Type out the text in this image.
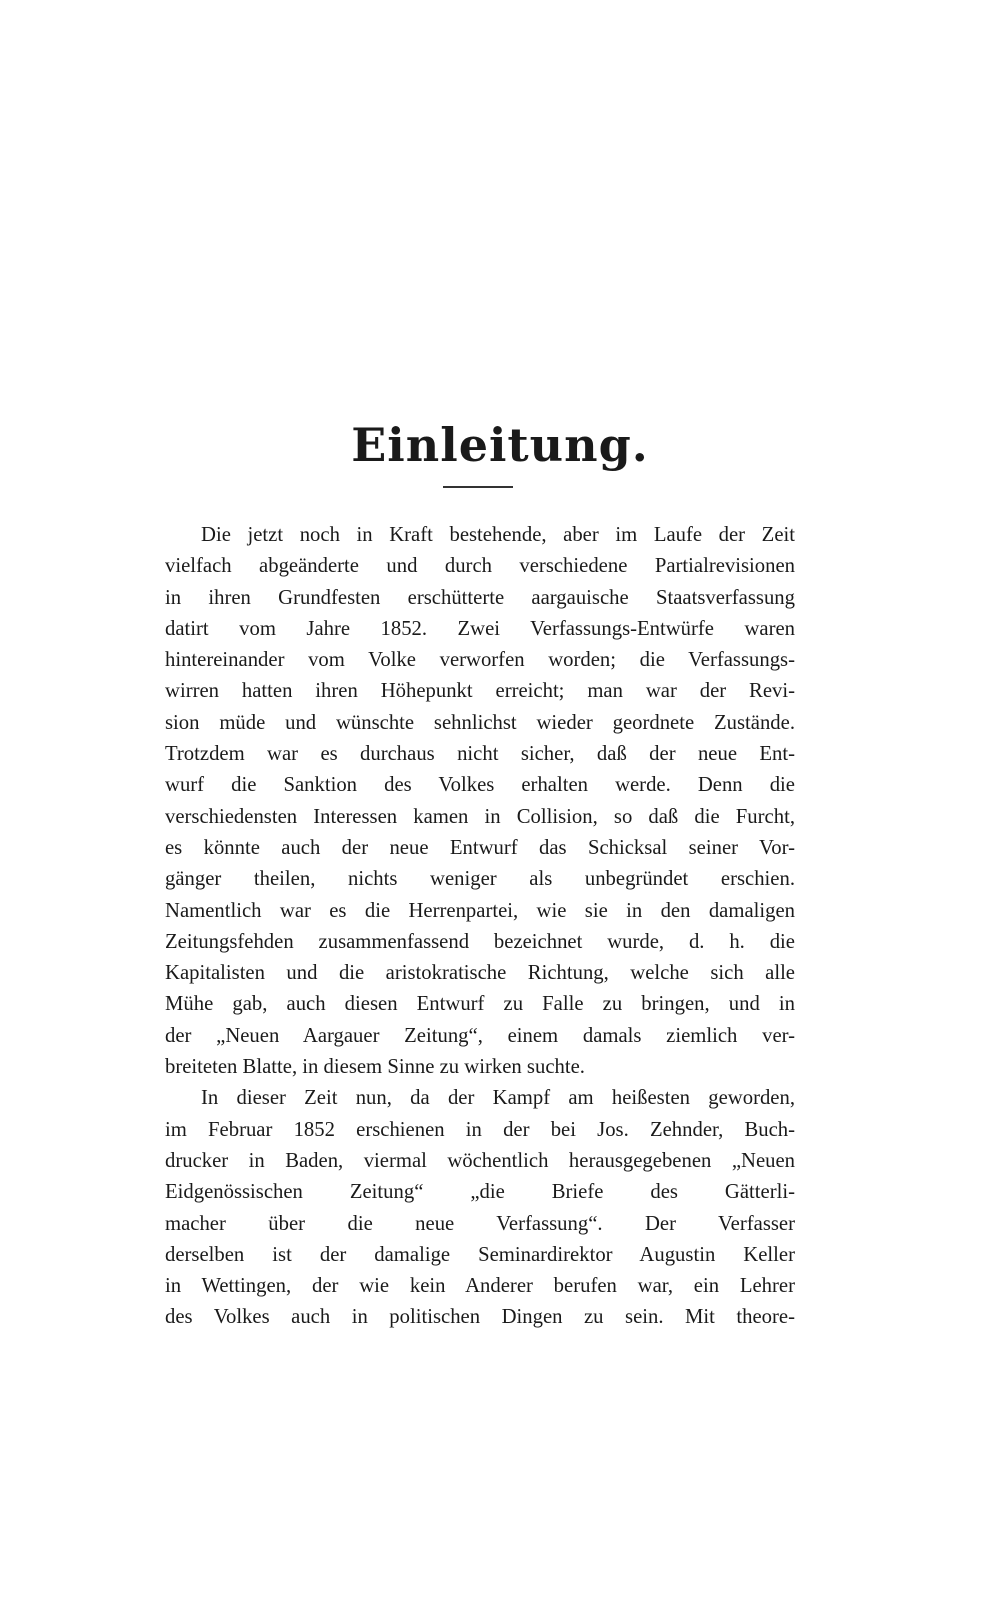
Einleitung.
Die jetzt noch in Kraft bestehende, aber im Laufe der Zeit
vielfach abgeänderte und durch verschiedene Partialrevisionen
in ihren Grundfesten erschütterte aargauische Staatsverfassung
datirt vom Jahre 1852. Zwei Verfassungs-Entwürfe waren
hintereinander vom Volke verworfen worden; die Verfassungs-
wirren hatten ihren Höhepunkt erreicht; man war der Revi-
sion müde und wünschte sehnlichst wieder geordnete Zustände.
Trotzdem war es durchaus nicht sicher, daß der neue Ent-
wurf die Sanktion des Volkes erhalten werde. Denn die
verschiedensten Interessen kamen in Collision, so daß die Furcht,
es könnte auch der neue Entwurf das Schicksal seiner Vor-
gänger theilen, nichts weniger als unbegründet erschien.
Namentlich war es die Herrenpartei, wie sie in den damaligen
Zeitungsfehden zusammenfassend bezeichnet wurde, d. h. die
Kapitalisten und die aristokratische Richtung, welche sich alle
Mühe gab, auch diesen Entwurf zu Falle zu bringen, und in
der „Neuen Aargauer Zeitung“, einem damals ziemlich ver-
breiteten Blatte, in diesem Sinne zu wirken suchte.
In dieser Zeit nun, da der Kampf am heißesten geworden,
im Februar 1852 erschienen in der bei Jos. Zehnder, Buch-
drucker in Baden, viermal wöchentlich herausgegebenen „Neuen
Eidgenössischen Zeitung“ „die Briefe des Gätterli-
macher über die neue Verfassung“. Der Verfasser
derselben ist der damalige Seminardirektor Augustin Keller
in Wettingen, der wie kein Anderer berufen war, ein Lehrer
des Volkes auch in politischen Dingen zu sein. Mit theore-
